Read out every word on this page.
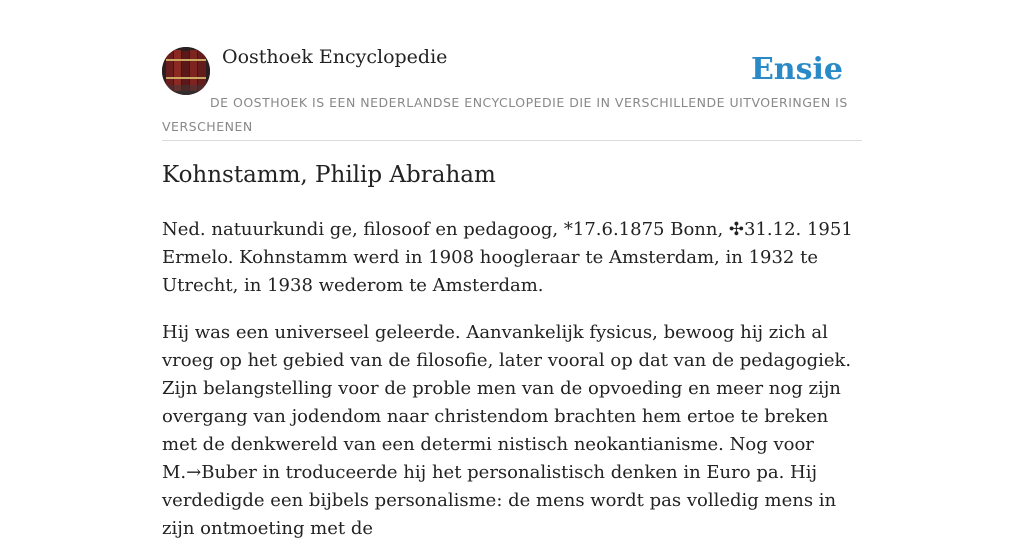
Oosthoek Encyclopedie	Ensie
DE OOSTHOEK IS EEN NEDERLANDSE ENCYCLOPEDIE DIE IN VERSCHILLENDE UITVOERINGEN IS VERSCHENEN
Kohnstamm, Philip Abraham

Ned. natuurkundi ge, filosoof en pedagoog, *17.6.1875 Bonn, ✣31.12. 1951 Ermelo. Kohnstamm werd in 1908 hoogleraar te Amsterdam, in 1932 te Utrecht, in 1938 wederom te Amsterdam.

Hij was een universeel geleerde. Aanvankelijk fysicus, bewoog hij zich al vroeg op het gebied van de filosofie, later vooral op dat van de pedagogiek. Zijn belangstelling voor de proble men van de opvoeding en meer nog zijn overgang van jodendom naar christendom brachten hem ertoe te breken met de denkwereld van een determi nistisch neokantianisme. Nog voor M.→Buber in troduceerde hij het personalistisch denken in Euro pa. Hij verdedigde een bijbels personalisme: de mens wordt pas volledig mens in zijn ontmoeting met de
